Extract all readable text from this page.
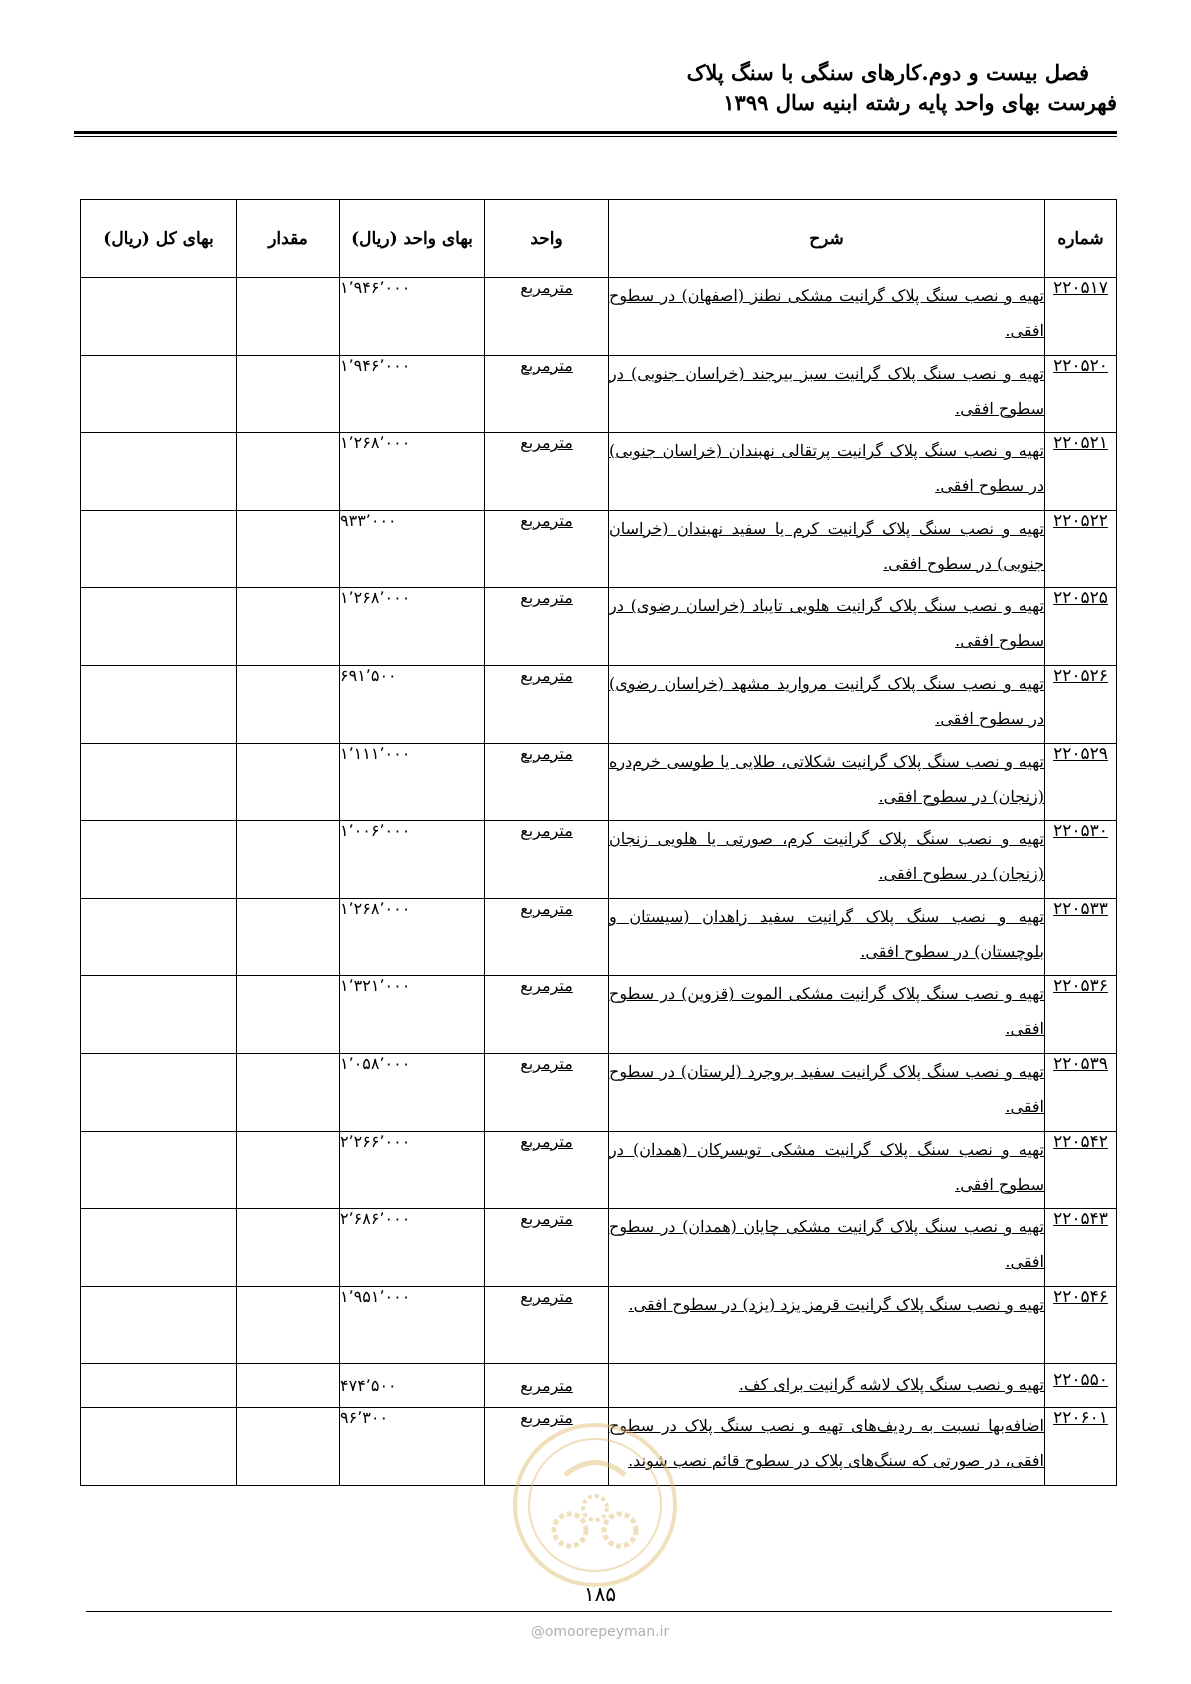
فصل بیست و دوم.کارهای سنگی با سنگ پلاک
فهرست بهای واحد پایه رشته ابنیه سال ۱۳۹۹
شماره	شرح	واحد	بهای واحد (ریال)	مقدار	بهای کل (ریال)
۲۲۰۵۱۷	تهیه و نصب سنگ پلاک گرانیت مشکی نطنز (اصفهان) در سطوح افقی.	مترمربع	۱٬۹۴۶٬۰۰۰		
۲۲۰۵۲۰	تهیه و نصب سنگ پلاک گرانیت سبز بیرجند (خراسان جنوبی) در سطوح افقی.	مترمربع	۱٬۹۴۶٬۰۰۰		
۲۲۰۵۲۱	تهیه و نصب سنگ پلاک گرانیت پرتقالی نهبندان (خراسان جنوبی) در سطوح افقی.	مترمربع	۱٬۲۶۸٬۰۰۰		
۲۲۰۵۲۲	تهیه و نصب سنگ پلاک گرانیت کرم یا سفید نهبندان (خراسان جنوبی) در سطوح افقی.	مترمربع	۹۳۳٬۰۰۰		
۲۲۰۵۲۵	تهیه و نصب سنگ پلاک گرانیت هلویی تایباد (خراسان رضوی) در سطوح افقی.	مترمربع	۱٬۲۶۸٬۰۰۰		
۲۲۰۵۲۶	تهیه و نصب سنگ پلاک گرانیت مروارید مشهد (خراسان رضوی) در سطوح افقی.	مترمربع	۶۹۱٬۵۰۰		
۲۲۰۵۲۹	تهیه و نصب سنگ پلاک گرانیت شکلاتی، طلایی یا طوسی خرم‌دره (زنجان) در سطوح افقی.	مترمربع	۱٬۱۱۱٬۰۰۰		
۲۲۰۵۳۰	تهیه و نصب سنگ پلاک گرانیت کرم، صورتی یا هلویی زنجان (زنجان) در سطوح افقی.	مترمربع	۱٬۰۰۶٬۰۰۰		
۲۲۰۵۳۳	تهیه و نصب سنگ پلاک گرانیت سفید زاهدان (سیستان و بلوچستان) در سطوح افقی.	مترمربع	۱٬۲۶۸٬۰۰۰		
۲۲۰۵۳۶	تهیه و نصب سنگ پلاک گرانیت مشکی الموت (قزوین) در سطوح افقی.	مترمربع	۱٬۳۲۱٬۰۰۰		
۲۲۰۵۳۹	تهیه و نصب سنگ پلاک گرانیت سفید بروجرد (لرستان) در سطوح افقی.	مترمربع	۱٬۰۵۸٬۰۰۰		
۲۲۰۵۴۲	تهیه و نصب سنگ پلاک گرانیت مشکی تویسرکان (همدان) در سطوح افقی.	مترمربع	۲٬۲۶۶٬۰۰۰		
۲۲۰۵۴۳	تهیه و نصب سنگ پلاک گرانیت مشکی چایان (همدان) در سطوح افقی.	مترمربع	۲٬۶۸۶٬۰۰۰		
۲۲۰۵۴۶	تهیه و نصب سنگ پلاک گرانیت قرمز یزد (یزد) در سطوح افقی.	مترمربع	۱٬۹۵۱٬۰۰۰		
۲۲۰۵۵۰	تهیه و نصب سنگ پلاک لاشه گرانیت برای کف.	مترمربع	۴۷۴٬۵۰۰		
۲۲۰۶۰۱	اضافه‌بها نسبت به ردیف‌های تهیه و نصب سنگ پلاک در سطوح افقی، در صورتی که سنگ‌های پلاک در سطوح قائم نصب شوند.	مترمربع	۹۶٬۳۰۰		
۱۸۵
@omoorepeyman.ir
